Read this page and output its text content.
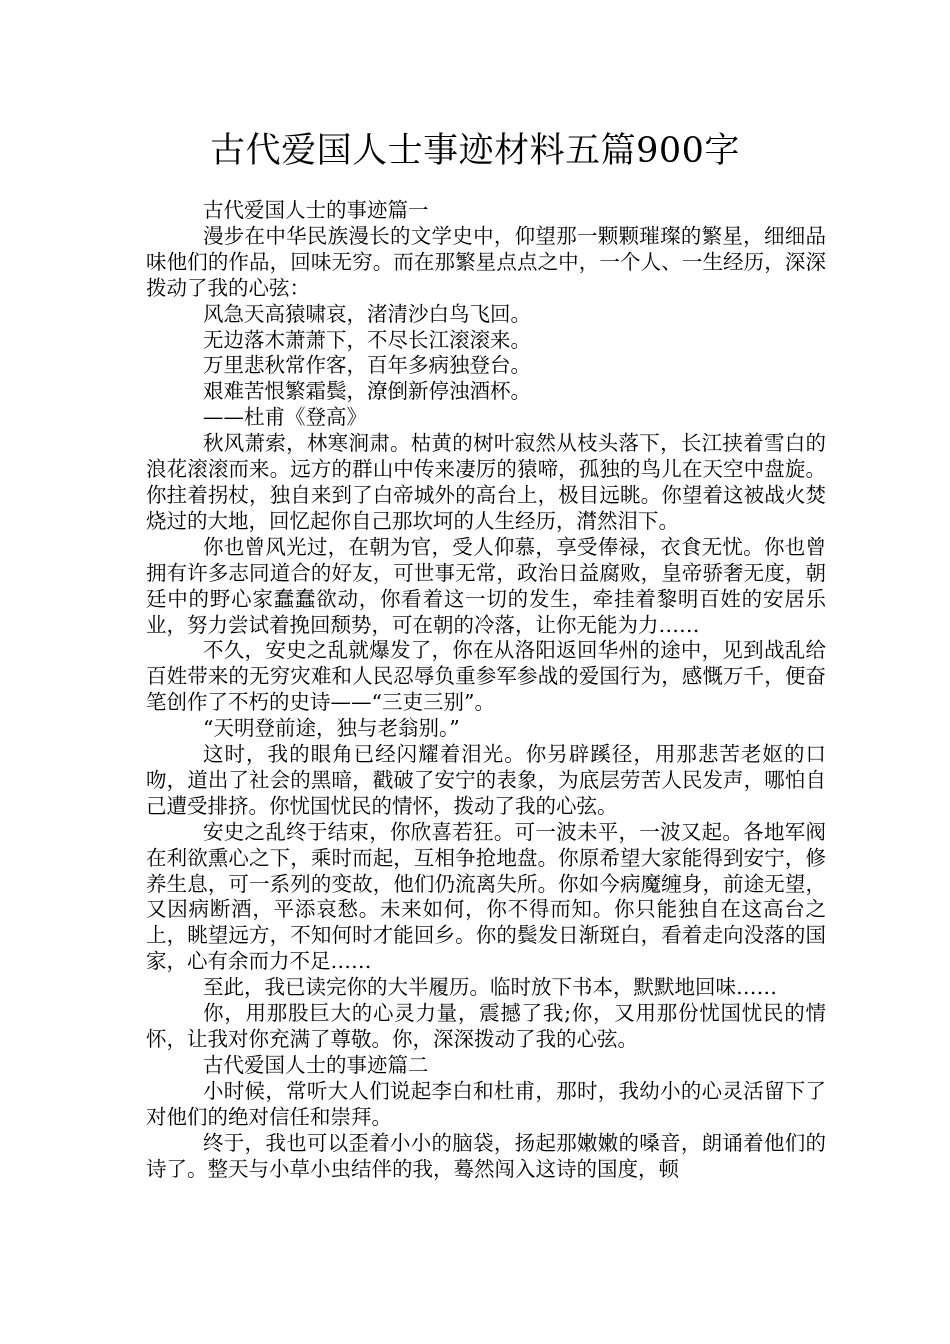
古代爱国人士事迹材料五篇900字

古代爱国人士的事迹篇一

漫步在中华民族漫长的文学史中，仰望那一颗颗璀璨的繁星，细细品味他们的作品，回味无穷。而在那繁星点点之中，一个人、一生经历，深深拨动了我的心弦：

风急天高猿啸哀，渚清沙白鸟飞回。

无边落木萧萧下，不尽长江滚滚来。

万里悲秋常作客，百年多病独登台。

艰难苦恨繁霜鬓，潦倒新停浊酒杯。

——杜甫《登高》

秋风萧索，林寒涧肃。枯黄的树叶寂然从枝头落下，长江挟着雪白的浪花滚滚而来。远方的群山中传来凄厉的猿啼，孤独的鸟儿在天空中盘旋。你拄着拐杖，独自来到了白帝城外的高台上，极目远眺。你望着这被战火焚烧过的大地，回忆起你自己那坎坷的人生经历，潸然泪下。

你也曾风光过，在朝为官，受人仰慕，享受俸禄，衣食无忧。你也曾拥有许多志同道合的好友，可世事无常，政治日益腐败，皇帝骄奢无度，朝廷中的野心家蠢蠢欲动，你看着这一切的发生，牵挂着黎明百姓的安居乐业，努力尝试着挽回颓势，可在朝的冷落，让你无能为力……

不久，安史之乱就爆发了，你在从洛阳返回华州的途中，见到战乱给百姓带来的无穷灾难和人民忍辱负重参军参战的爱国行为，感慨万千，便奋笔创作了不朽的史诗——“三吏三别”。

“天明登前途，独与老翁别。”

这时，我的眼角已经闪耀着泪光。你另辟蹊径，用那悲苦老妪的口吻，道出了社会的黑暗，戳破了安宁的表象，为底层劳苦人民发声，哪怕自己遭受排挤。你忧国忧民的情怀，拨动了我的心弦。

安史之乱终于结束，你欣喜若狂。可一波未平，一波又起。各地军阀在利欲熏心之下，乘时而起，互相争抢地盘。你原希望大家能得到安宁，修养生息，可一系列的变故，他们仍流离失所。你如今病魔缠身，前途无望，又因病断酒，平添哀愁。未来如何，你不得而知。你只能独自在这高台之上，眺望远方，不知何时才能回乡。你的鬓发日渐斑白，看着走向没落的国家，心有余而力不足……

至此，我已读完你的大半履历。临时放下书本，默默地回味……

你，用那股巨大的心灵力量，震撼了我;你，又用那份忧国忧民的情怀，让我对你充满了尊敬。你，深深拨动了我的心弦。

古代爱国人士的事迹篇二

小时候，常听大人们说起李白和杜甫，那时，我幼小的心灵活留下了对他们的绝对信任和崇拜。

终于，我也可以歪着小小的脑袋，扬起那嫩嫩的嗓音，朗诵着他们的诗了。整天与小草小虫结伴的我，蓦然闯入这诗的国度，顿
